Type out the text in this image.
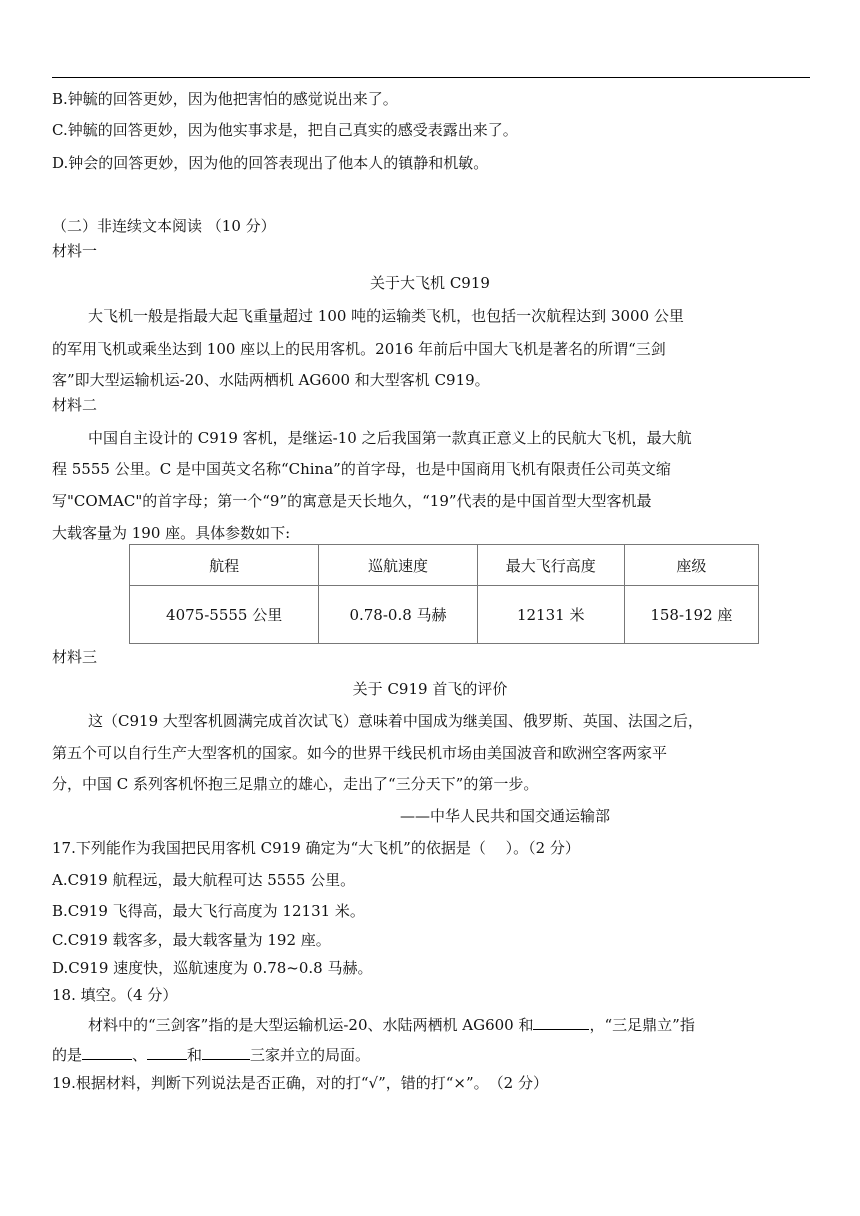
B.钟毓的回答更妙，因为他把害怕的感觉说出来了。
C.钟毓的回答更妙，因为他实事求是，把自己真实的感受表露出来了。
D.钟会的回答更妙，因为他的回答表现出了他本人的镇静和机敏。
（二）非连续文本阅读 （10 分）
材料一
关于大飞机 C919
大飞机一般是指最大起飞重量超过 100 吨的运输类飞机，也包括一次航程达到 3000 公里
的军用飞机或乘坐达到 100 座以上的民用客机。2016 年前后中国大飞机是著名的所谓“三剑
客”即大型运输机运-20、水陆两栖机 AG600 和大型客机 C919。
材料二
中国自主设计的 C919 客机，是继运-10 之后我国第一款真正意义上的民航大飞机，最大航
程 5555 公里。C 是中国英文名称“China”的首字母，也是中国商用飞机有限责任公司英文缩
写"COMAC"的首字母；第一个“9”的寓意是天长地久，“19”代表的是中国首型大型客机最
大载客量为 190 座。具体参数如下:
航程	巡航速度	最大飞行高度	座级
4075-5555 公里	0.78-0.8 马赫	12131 米	158-192 座
材料三
关于 C919 首飞的评价
这（C919 大型客机圆满完成首次试飞）意味着中国成为继美国、俄罗斯、英国、法国之后，
第五个可以自行生产大型客机的国家。如今的世界干线民机市场由美国波音和欧洲空客两家平
分，中国 C 系列客机怀抱三足鼎立的雄心，走出了“三分天下”的第一步。
——中华人民共和国交通运输部
17.下列能作为我国把民用客机 C919 确定为“大飞机”的依据是（　 ）。（2 分）
A.C919 航程远，最大航程可达 5555 公里。
B.C919 飞得高，最大飞行高度为 12131 米。
C.C919 载客多，最大载客量为 192 座。
D.C919 速度快，巡航速度为 0.78~0.8 马赫。
18. 填空。（4 分）
材料中的“三剑客”指的是大型运输机运-20、水陆两栖机 AG600 和	，“三足鼎立”指
的是	、	和	三家并立的局面。
19.根据材料，判断下列说法是否正确，对的打“√”，错的打“×”。　（2 分）
